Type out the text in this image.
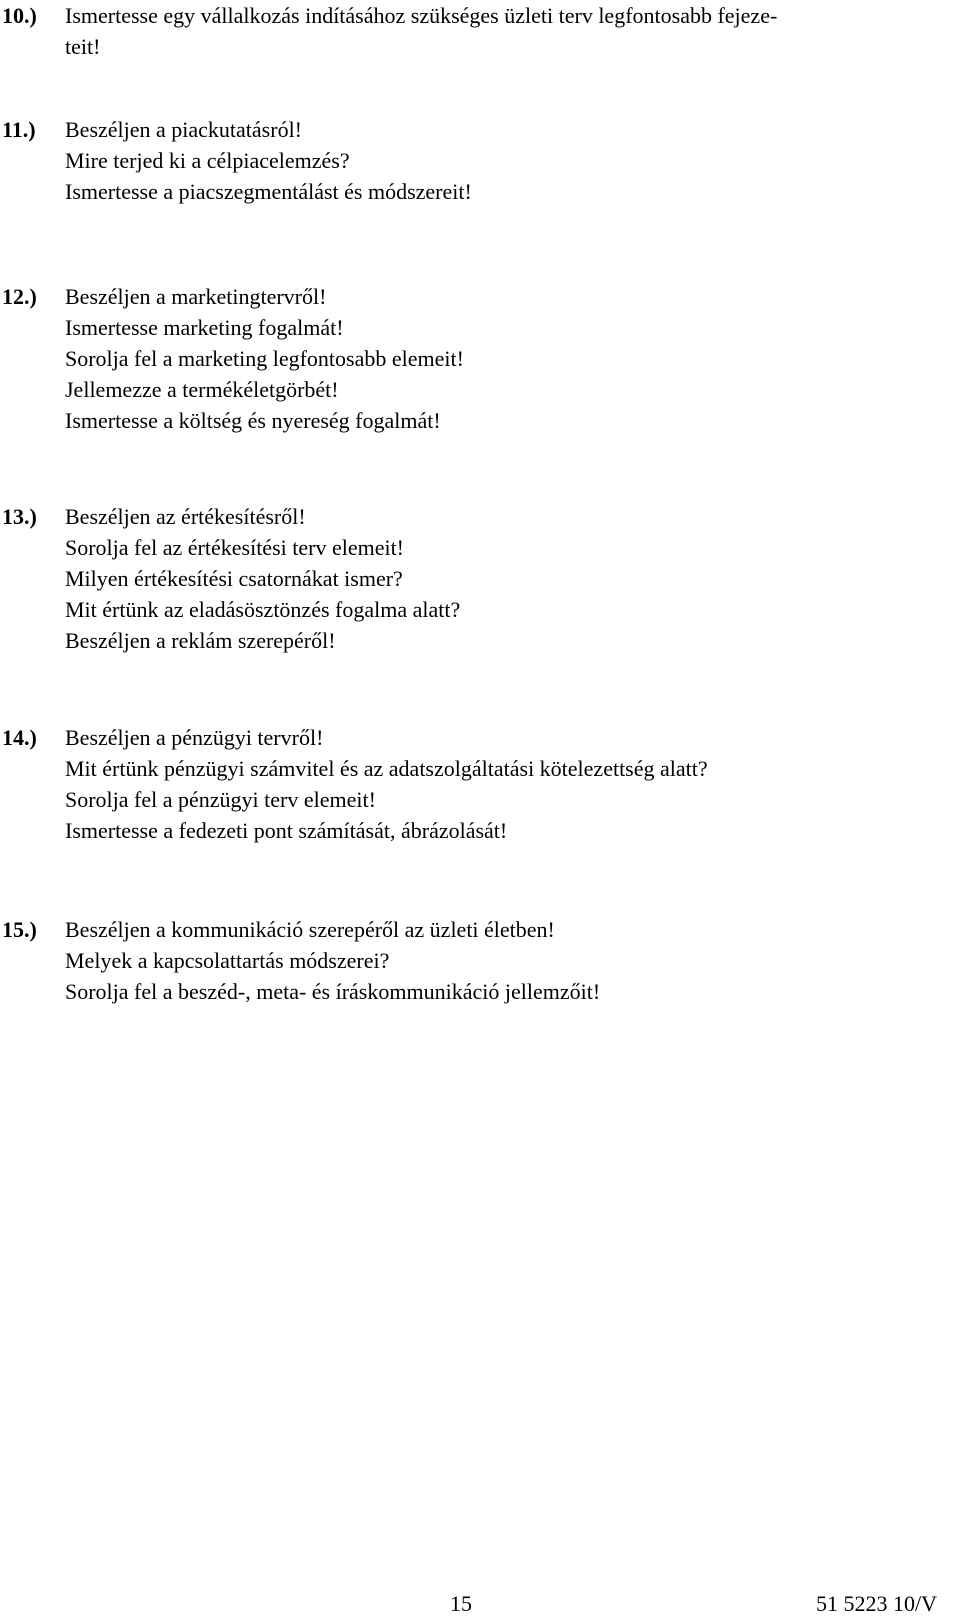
10.) Ismertesse egy vállalkozás indításához szükséges üzleti terv legfontosabb fejeze-
teit!
11.) Beszéljen a piackutatásról!
Mire terjed ki a célpiacelemzés?
Ismertesse a piacszegmentálást és módszereit!
12.) Beszéljen a marketingtervről!
Ismertesse marketing fogalmát!
Sorolja fel a marketing legfontosabb elemeit!
Jellemezze a termékéletgörbét!
Ismertesse a költség és nyereség fogalmát!
13.) Beszéljen az értékesítésről!
Sorolja fel az értékesítési terv elemeit!
Milyen értékesítési csatornákat ismer?
Mit értünk az eladásösztönzés fogalma alatt?
Beszéljen a reklám szerepéről!
14.) Beszéljen a pénzügyi tervről!
Mit értünk pénzügyi számvitel és az adatszolgáltatási kötelezettség alatt?
Sorolja fel a pénzügyi terv elemeit!
Ismertesse a fedezeti pont számítását, ábrázolását!
15.) Beszéljen a kommunikáció szerepéről az üzleti életben!
Melyek a kapcsolattartás módszerei?
Sorolja fel a beszéd-, meta- és íráskommunikáció jellemzőit!
15	51 5223 10/V
